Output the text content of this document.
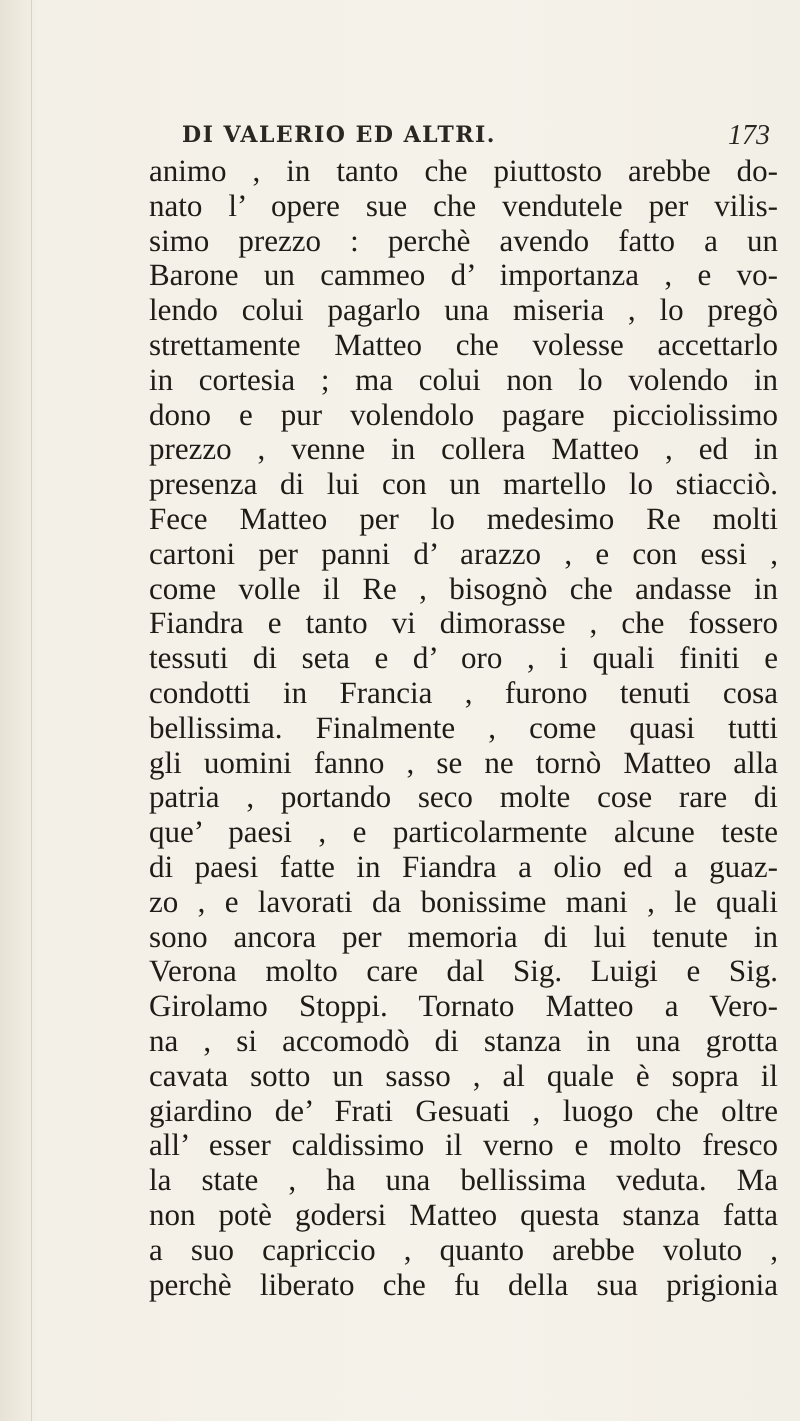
DI VALERIO ED ALTRI.	173
animo , in tanto che piuttosto arebbe do-
nato l’ opere sue che vendutele per vilis-
simo prezzo : perchè avendo fatto a un
Barone un cammeo d’ importanza , e vo-
lendo colui pagarlo una miseria , lo pregò
strettamente Matteo che volesse accettarlo
in cortesia ; ma colui non lo volendo in
dono e pur volendolo pagare picciolissimo
prezzo , venne in collera Matteo , ed in
presenza di lui con un martello lo stiacciò.
Fece Matteo per lo medesimo Re molti
cartoni per panni d’ arazzo , e con essi ,
come volle il Re , bisognò che andasse in
Fiandra e tanto vi dimorasse , che fossero
tessuti di seta e d’ oro , i quali finiti e
condotti in Francia , furono tenuti cosa
bellissima. Finalmente , come quasi tutti
gli uomini fanno , se ne tornò Matteo alla
patria , portando seco molte cose rare di
que’ paesi , e particolarmente alcune teste
di paesi fatte in Fiandra a olio ed a guaz-
zo , e lavorati da bonissime mani , le quali
sono ancora per memoria di lui tenute in
Verona molto care dal Sig. Luigi e Sig.
Girolamo Stoppi. Tornato Matteo a Vero-
na , si accomodò di stanza in una grotta
cavata sotto un sasso , al quale è sopra il
giardino de’ Frati Gesuati , luogo che oltre
all’ esser caldissimo il verno e molto fresco
la state , ha una bellissima veduta. Ma
non potè godersi Matteo questa stanza fatta
a suo capriccio , quanto arebbe voluto ,
perchè liberato che fu della sua prigionia
